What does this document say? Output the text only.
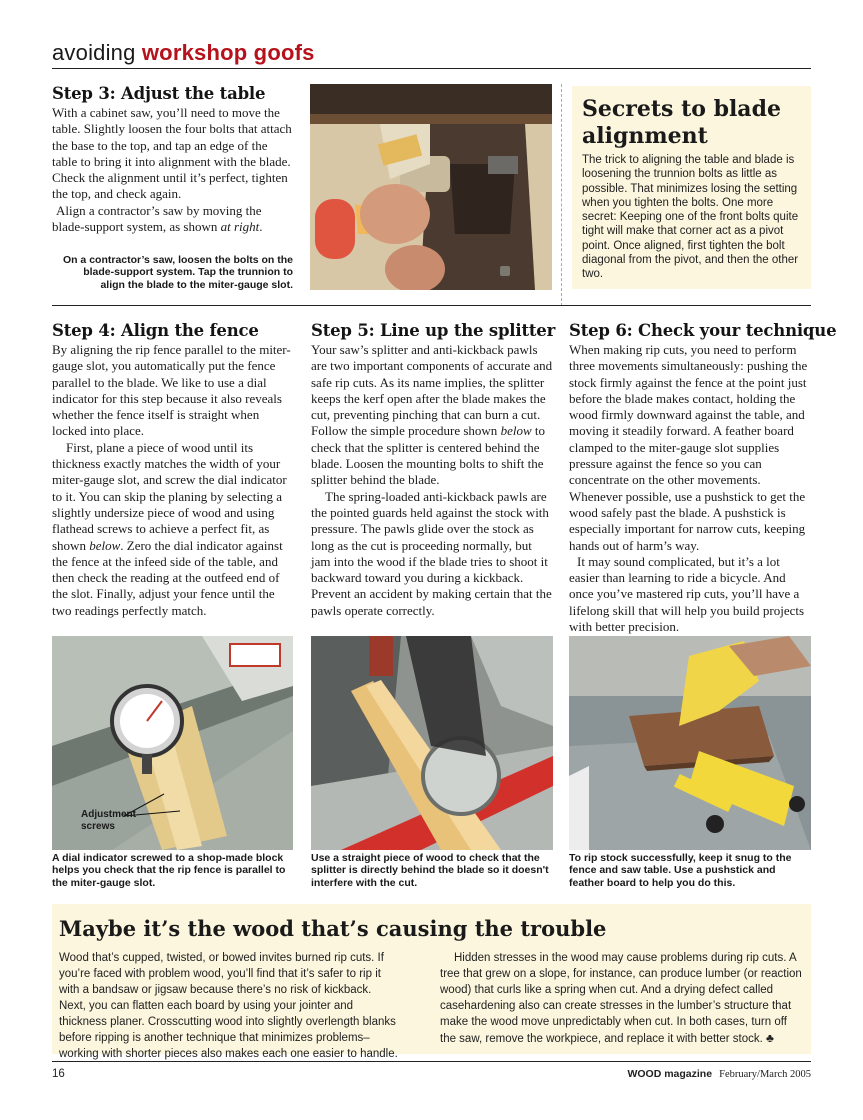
avoiding workshop goofs
Step 3: Adjust the table

With a cabinet saw, you’ll need to move the table. Slightly loosen the four bolts that attach the base to the top, and tap an edge of the table to bring it into alignment with the blade. Check the alignment until it’s perfect, tighten the top, and check again.

Align a contractor’s saw by moving the blade-support system, as shown at right.

On a contractor’s saw, loosen the bolts on the blade-support system. Tap the trunnion to align the blade to the miter-gauge slot.
Secrets to blade alignment
The trick to aligning the table and blade is loosening the trunnion bolts as little as possible. That minimizes losing the setting when you tighten the bolts. One more secret: Keeping one of the front bolts quite tight will make that corner act as a pivot point. Once aligned, first tighten the bolt diagonal from the pivot, and then the other two.
Step 4: Align the fence

By aligning the rip fence parallel to the miter-gauge slot, you automatically put the fence parallel to the blade. We like to use a dial indicator for this step because it also reveals whether the fence itself is straight when locked into place.

First, plane a piece of wood until its thickness exactly matches the width of your miter-gauge slot, and screw the dial indicator to it. You can skip the planing by selecting a slightly undersize piece of wood and using flathead screws to achieve a perfect fit, as shown below. Zero the dial indicator against the fence at the infeed side of the table, and then check the reading at the outfeed end of the slot. Finally, adjust your fence until the two readings perfectly match.

Step 5: Line up the splitter

Your saw’s splitter and anti-kickback pawls are two important components of accurate and safe rip cuts. As its name implies, the splitter keeps the kerf open after the blade makes the cut, preventing pinching that can burn a cut. Follow the simple procedure shown below to check that the splitter is centered behind the blade. Loosen the mounting bolts to shift the splitter behind the blade.

The spring-loaded anti-kickback pawls are the pointed guards held against the stock with pressure. The pawls glide over the stock as long as the cut is proceeding normally, but jam into the wood if the blade tries to shoot it backward toward you during a kickback. Prevent an accident by making certain that the pawls operate correctly.

Step 6: Check your technique

When making rip cuts, you need to perform three movements simultaneously: pushing the stock firmly against the fence at the point just before the blade makes contact, holding the wood firmly downward against the table, and moving it steadily forward. A feather board clamped to the miter-gauge slot supplies pressure against the fence so you can concentrate on the other movements. Whenever possible, use a pushstick to get the wood safely past the blade. A pushstick is especially important for narrow cuts, keeping hands out of harm’s way.

It may sound complicated, but it’s a lot easier than learning to ride a bicycle. And once you’ve mastered rip cuts, you’ll have a lifelong skill that will help you build projects with better precision.

Adjustment screws
A dial indicator screwed to a shop-made block helps you check that the rip fence is parallel to the miter-gauge slot.
Use a straight piece of wood to check that the splitter is directly behind the blade so it doesn't interfere with the cut.
To rip stock successfully, keep it snug to the fence and saw table. Use a pushstick and feather board to help you do this.
Maybe it’s the wood that’s causing the trouble
Wood that’s cupped, twisted, or bowed invites burned rip cuts. If you’re faced with problem wood, you’ll find that it’s safer to rip it with a bandsaw or jigsaw because there’s no risk of kickback. Next, you can flatten each board by using your jointer and thickness planer. Crosscutting wood into slightly overlength blanks before ripping is another technique that minimizes problems–working with shorter pieces also makes each one easier to handle.
Hidden stresses in the wood may cause problems during rip cuts. A tree that grew on a slope, for instance, can produce lumber (or reaction wood) that curls like a spring when cut. And a drying defect called casehardening also can create stresses in the lumber’s structure that make the wood move unpredictably when cut. In both cases, turn off the saw, remove the workpiece, and replace it with better stock. ♣
16	WOOD magazine February/March 2005
